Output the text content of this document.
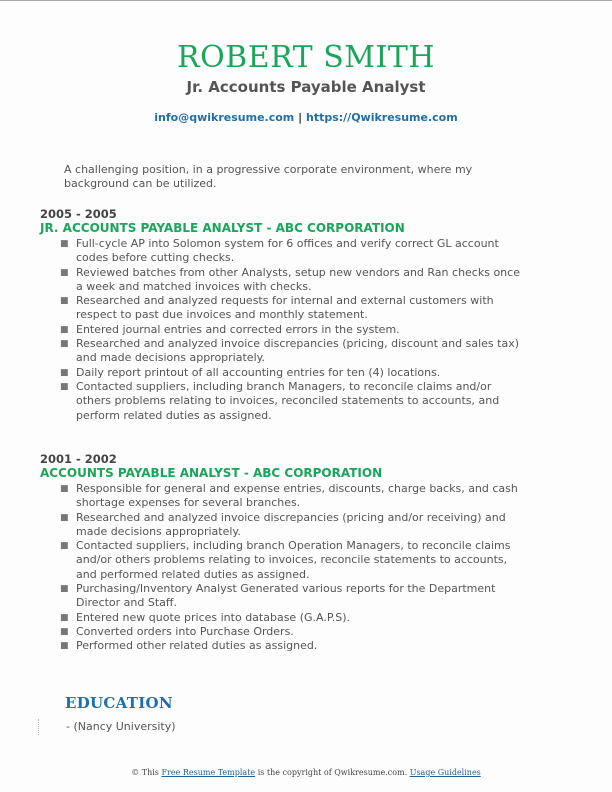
ROBERT SMITH
Jr. Accounts Payable Analyst
info@qwikresume.com | https://Qwikresume.com
A challenging position, in a progressive corporate environment, where my background can be utilized.
2005 - 2005
JR. ACCOUNTS PAYABLE ANALYST - ABC CORPORATION
■ Full-cycle AP into Solomon system for 6 offices and verify correct GL account codes before cutting checks.
■ Reviewed batches from other Analysts, setup new vendors and Ran checks once a week and matched invoices with checks.
■ Researched and analyzed requests for internal and external customers with respect to past due invoices and monthly statement.
■ Entered journal entries and corrected errors in the system.
■ Researched and analyzed invoice discrepancies (pricing, discount and sales tax) and made decisions appropriately.
■ Daily report printout of all accounting entries for ten (4) locations.
■ Contacted suppliers, including branch Managers, to reconcile claims and/or others problems relating to invoices, reconciled statements to accounts, and perform related duties as assigned.
2001 - 2002
ACCOUNTS PAYABLE ANALYST - ABC CORPORATION
■ Responsible for general and expense entries, discounts, charge backs, and cash shortage expenses for several branches.
■ Researched and analyzed invoice discrepancies (pricing and/or receiving) and made decisions appropriately.
■ Contacted suppliers, including branch Operation Managers, to reconcile claims and/or others problems relating to invoices, reconcile statements to accounts, and performed related duties as assigned.
■ Purchasing/Inventory Analyst Generated various reports for the Department Director and Staff.
■ Entered new quote prices into database (G.A.P.S).
■ Converted orders into Purchase Orders.
■ Performed other related duties as assigned.
EDUCATION
- (Nancy University)
© This Free Resume Template is the copyright of Qwikresume.com. Usage Guidelines
